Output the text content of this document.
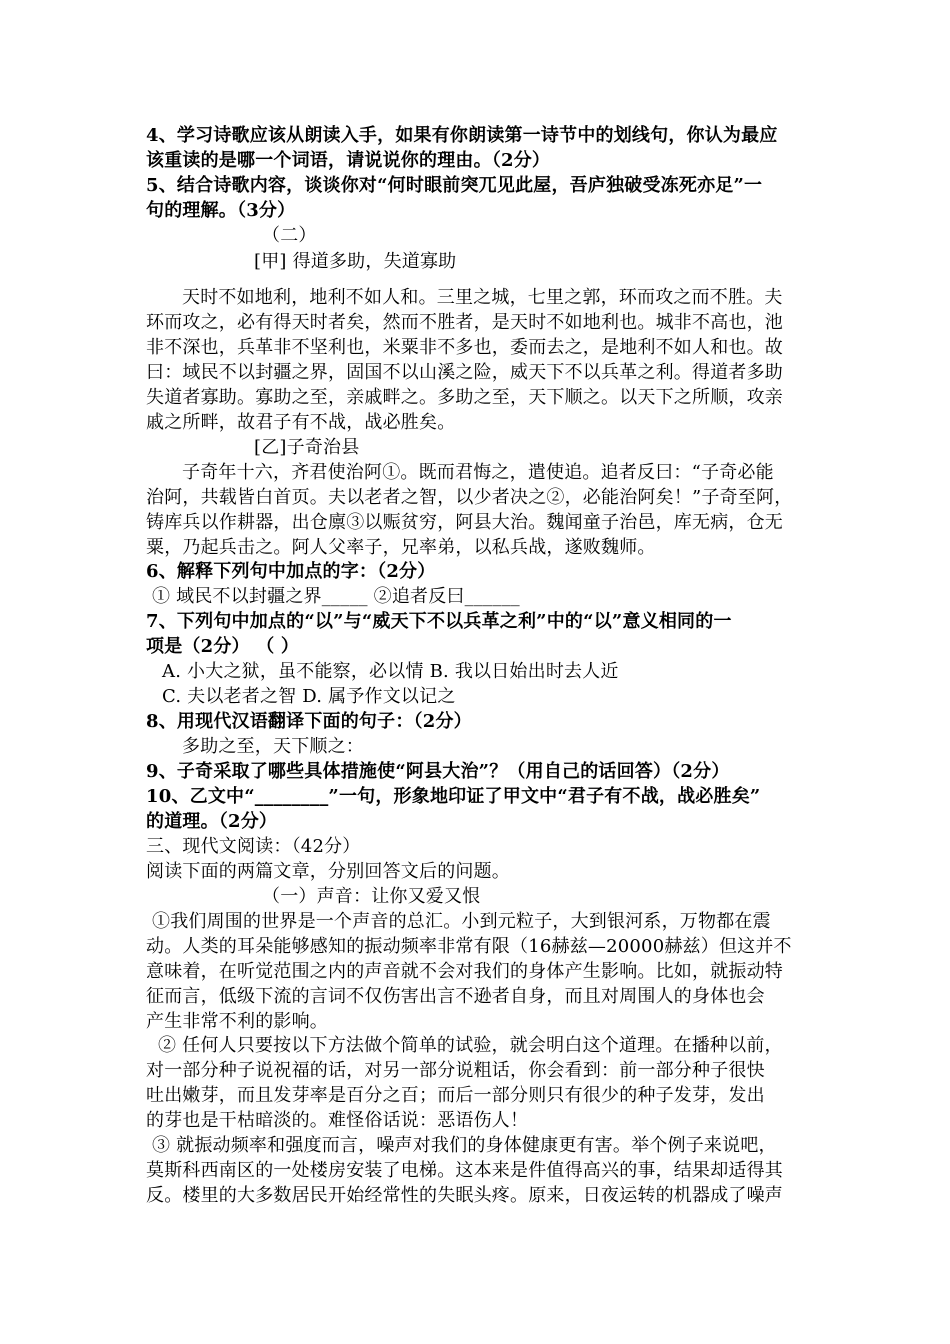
4、学习诗歌应该从朗读入手，如果有你朗读第一诗节中的划线句，你认为最应
该重读的是哪一个词语，请说说你的理由。（2分）
5、结合诗歌内容，谈谈你对“何时眼前突兀见此屋，吾庐独破受冻死亦足”一
句的理解。（3分）
（二）
[甲] 得道多助，失道寡助
天时不如地利，地利不如人和。三里之城，七里之郭，环而攻之而不胜。夫
环而攻之，必有得天时者矣，然而不胜者，是天时不如地利也。城非不高也，池
非不深也，兵革非不坚利也，米粟非不多也，委而去之，是地利不如人和也。故
曰：域民不以封疆之界，固国不以山溪之险，威天下不以兵革之利。得道者多助
失道者寡助。寡助之至，亲戚畔之。多助之至，天下顺之。以天下之所顺，攻亲
戚之所畔，故君子有不战，战必胜矣。
[乙]子奇治县
子奇年十六，齐君使治阿①。既而君悔之，遣使追。追者反曰：“子奇必能
治阿，共载皆白首页。夫以老者之智，以少者决之②，必能治阿矣！”子奇至阿，
铸库兵以作耕器，出仓廪③以赈贫穷，阿县大治。魏闻童子治邑，库无病，仓无
粟，乃起兵击之。阿人父率子，兄率弟，以私兵战，遂败魏师。
6、解释下列句中加点的字：（2分）
① 域民不以封疆之界_____ ②追者反曰______
7、下列句中加点的“以”与“威天下不以兵革之利”中的“以”意义相同的一
项是（2分） （ ）
A. 小大之狱，虽不能察，必以情 B. 我以日始出时去人近
C. 夫以老者之智 D. 属予作文以记之
8、用现代汉语翻译下面的句子：（2分）
多助之至，天下顺之：
9、子奇采取了哪些具体措施使“阿县大治”？（用自己的话回答）（2分）
10、乙文中“________”一句，形象地印证了甲文中“君子有不战，战必胜矣”
的道理。（2分）
三、现代文阅读：（42分）
阅读下面的两篇文章，分别回答文后的问题。
（一）声音：让你又爱又恨
①我们周围的世界是一个声音的总汇。小到元粒子，大到银河系，万物都在震
动。人类的耳朵能够感知的振动频率非常有限（16赫兹—20000赫兹）但这并不
意味着，在听觉范围之内的声音就不会对我们的身体产生影响。比如，就振动特
征而言，低级下流的言词不仅伤害出言不逊者自身，而且对周围人的身体也会
产生非常不利的影响。
② 任何人只要按以下方法做个简单的试验，就会明白这个道理。在播种以前，
对一部分种子说祝福的话，对另一部分说粗话，你会看到：前一部分种子很快
吐出嫩芽，而且发芽率是百分之百；而后一部分则只有很少的种子发芽，发出
的芽也是干枯暗淡的。难怪俗话说：恶语伤人！
③ 就振动频率和强度而言，噪声对我们的身体健康更有害。举个例子来说吧，
莫斯科西南区的一处楼房安装了电梯。这本来是件值得高兴的事，结果却适得其
反。楼里的大多数居民开始经常性的失眠头疼。原来，日夜运转的机器成了噪声
